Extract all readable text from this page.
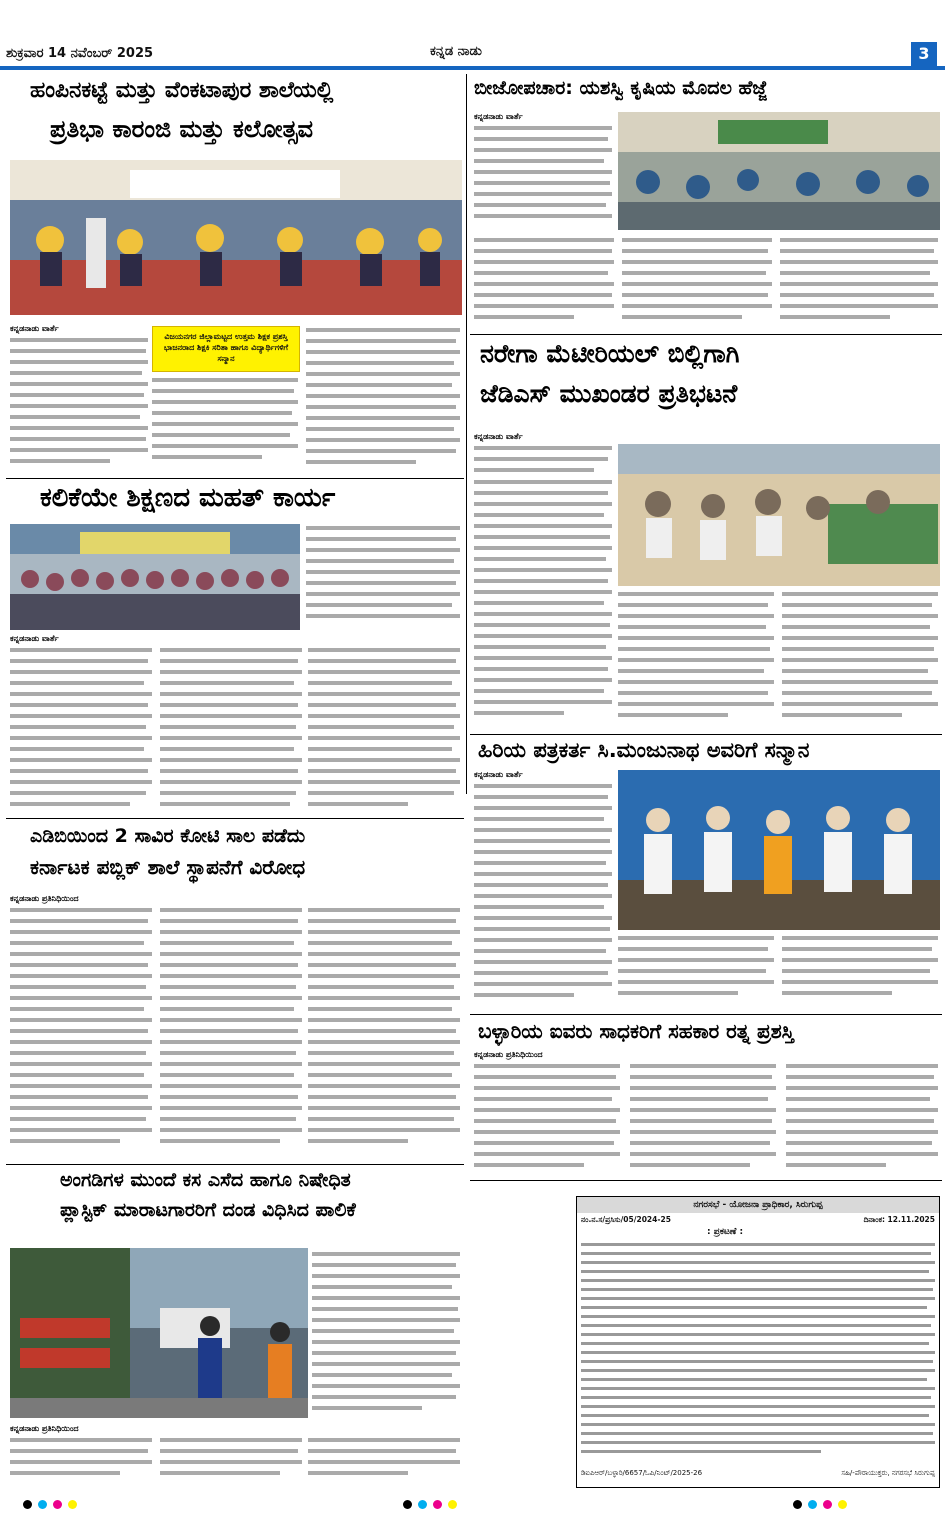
ಶುಕ್ರವಾರ 14 ನವೆಂಬರ್ 2025	ಕನ್ನಡ ನಾಡು	3
ಹಂಪಿನಕಟ್ಟೆ ಮತ್ತು ವೆಂಕಟಾಪುರ ಶಾಲೆಯಲ್ಲಿ
ಪ್ರತಿಭಾ ಕಾರಂಜಿ ಮತ್ತು ಕಲೋತ್ಸವ
ಕನ್ನಡನಾಡು ವಾರ್ತೆ
ವಿಜಯನಗರ ಜಿಲ್ಲಾಮಟ್ಟದ ಉತ್ತಮ ಶಿಕ್ಷಕ ಪ್ರಶಸ್ತಿ ಭಾಜನರಾದ ಶಿಕ್ಷಕಿ ಸರಿತಾ ಹಾಗೂ ವಿದ್ಯಾರ್ಥಿಗಳಿಗೆ ಸನ್ಮಾನ
ಬೀಜೋಪಚಾರ: ಯಶಸ್ವಿ ಕೃಷಿಯ ಮೊದಲ ಹೆಜ್ಜೆ
ಕನ್ನಡನಾಡು ವಾರ್ತೆ
ನರೇಗಾ ಮೆಟೀರಿಯಲ್ ಬಿಲ್ಲಿಗಾಗಿ
ಜೆಡಿಎಸ್ ಮುಖಂಡರ ಪ್ರತಿಭಟನೆ
ಕನ್ನಡನಾಡು ವಾರ್ತೆ
ಕಲಿಕೆಯೇ ಶಿಕ್ಷಣದ ಮಹತ್ ಕಾರ್ಯ
ಕನ್ನಡನಾಡು ವಾರ್ತೆ
ಹಿರಿಯ ಪತ್ರಕರ್ತ ಸಿ.ಮಂಜುನಾಥ ಅವರಿಗೆ ಸನ್ಮಾನ
ಕನ್ನಡನಾಡು ವಾರ್ತೆ
ಎಡಿಬಿಯಿಂದ 2 ಸಾವಿರ ಕೋಟಿ ಸಾಲ ಪಡೆದು
ಕರ್ನಾಟಕ ಪಬ್ಲಿಕ್ ಶಾಲೆ ಸ್ಥಾಪನೆಗೆ ವಿರೋಧ
ಕನ್ನಡನಾಡು ಪ್ರತಿನಿಧಿಯಿಂದ
ಬಳ್ಳಾರಿಯ ಐವರು ಸಾಧಕರಿಗೆ ಸಹಕಾರ ರತ್ನ ಪ್ರಶಸ್ತಿ
ಕನ್ನಡನಾಡು ಪ್ರತಿನಿಧಿಯಿಂದ
ಅಂಗಡಿಗಳ ಮುಂದೆ ಕಸ ಎಸೆದ ಹಾಗೂ ನಿಷೇಧಿತ
ಪ್ಲಾಸ್ಟಿಕ್ ಮಾರಾಟಗಾರರಿಗೆ ದಂಡ ವಿಧಿಸಿದ ಪಾಲಿಕೆ
ಕನ್ನಡನಾಡು ಪ್ರತಿನಿಧಿಯಿಂದ
ನಗರಸಭೆ - ಯೋಜನಾ ಪ್ರಾಧಿಕಾರ, ಸಿರುಗುಪ್ಪ
ನಂ.ನ.ಸ/ಪ್ರಸಿಸು/05/2024-25	ದಿನಾಂಕ: 12.11.2025
: ಪ್ರಕಟಣೆ :
ಡಿಐಪಿಆರ್/ಬಳ್ಳಾರಿ/6657/ಓಪಿ/ನಿಂಟ್/2025-26	ಸಹಿ/-ಪೌರಾಯುಕ್ತರು, ನಗರಸಭೆ ಸಿರುಗುಪ್ಪ
